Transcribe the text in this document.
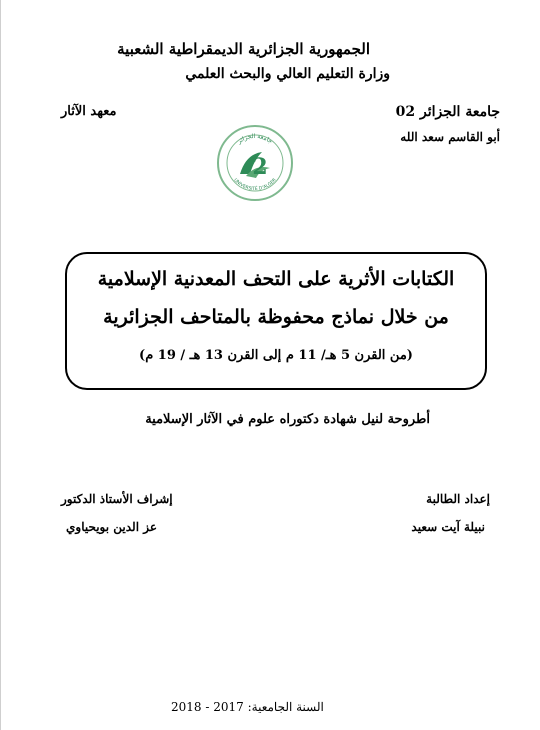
الجمهورية الجزائرية الديمقراطية الشعبية
وزارة التعليم العالي والبحث العلمي
جامعة الجزائر 02
معهد الآثار
أبو القاسم سعد الله
جامعة الجزائر
UNIVERSITÉ D'ALGER
2
الكتابات الأثرية على التحف المعدنية الإسلامية
من خلال نماذج محفوظة بالمتاحف الجزائرية
(من القرن 5 هـ/ 11 م إلى القرن 13 هـ / 19 م)
أطروحة لنيل شهادة دكتوراه علوم في الآثار الإسلامية
إعداد الطالبة
نبيلة آيت سعيد
إشراف الأستاذ الدكتور
عز الدين بويحياوي
السنة الجامعية: 2017 - 2018
